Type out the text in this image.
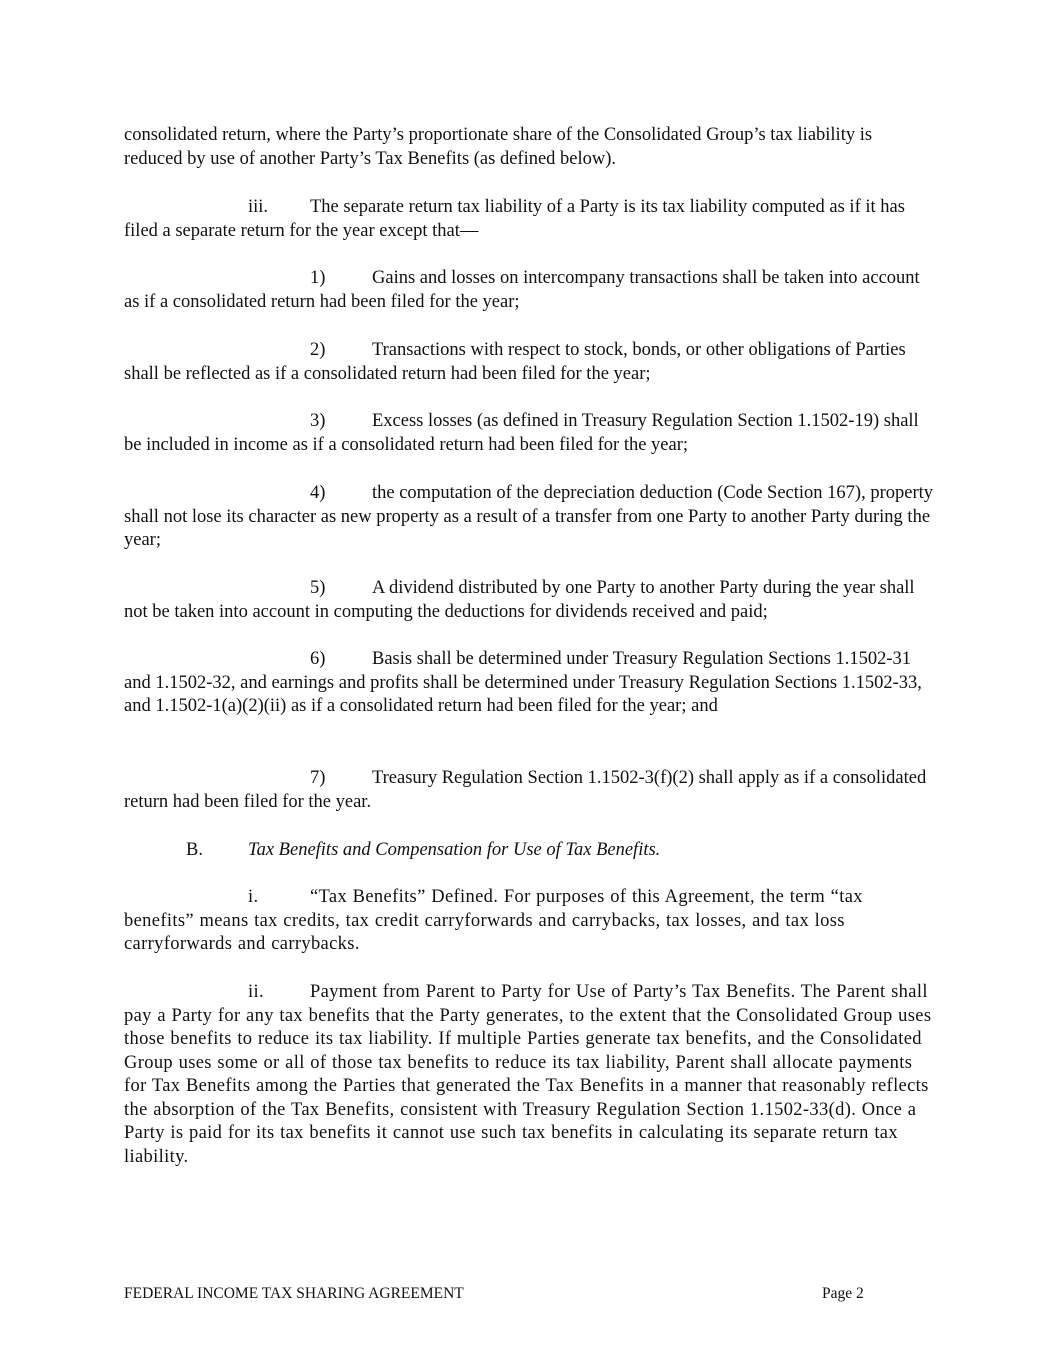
consolidated return, where the Party’s proportionate share of the Consolidated Group’s tax liability is reduced by use of another Party’s Tax Benefits (as defined below).

iii. The separate return tax liability of a Party is its tax liability computed as if it has filed a separate return for the year except that—

1)	Gains and losses on intercompany transactions shall be taken into account as if a consolidated return had been filed for the year;

2)	Transactions with respect to stock, bonds, or other obligations of Parties shall be reflected as if a consolidated return had been filed for the year;

3)	Excess losses (as defined in Treasury Regulation Section 1.1502-19) shall be included in income as if a consolidated return had been filed for the year;

4)	the computation of the depreciation deduction (Code Section 167), property shall not lose its character as new property as a result of a transfer from one Party to another Party during the year;

5)	A dividend distributed by one Party to another Party during the year shall not be taken into account in computing the deductions for dividends received and paid;

6)	Basis shall be determined under Treasury Regulation Sections 1.1502-31 and 1.1502-32, and earnings and profits shall be determined under Treasury Regulation Sections 1.1502-33, and 1.1502-1(a)(2)(ii) as if a consolidated return had been filed for the year; and

7)	Treasury Regulation Section 1.1502-3(f)(2) shall apply as if a consolidated return had been filed for the year.

B. Tax Benefits and Compensation for Use of Tax Benefits.

i.	“Tax Benefits” Defined. For purposes of this Agreement, the term “tax benefits” means tax credits, tax credit carryforwards and carrybacks, tax losses, and tax loss carryforwards and carrybacks.

ii. Payment from Parent to Party for Use of Party’s Tax Benefits. The Parent shall pay a Party for any tax benefits that the Party generates, to the extent that the Consolidated Group uses those benefits to reduce its tax liability. If multiple Parties generate tax benefits, and the Consolidated Group uses some or all of those tax benefits to reduce its tax liability, Parent shall allocate payments for Tax Benefits among the Parties that generated the Tax Benefits in a manner that reasonably reflects the absorption of the Tax Benefits, consistent with Treasury Regulation Section 1.1502-33(d). Once a Party is paid for its tax benefits it cannot use such tax benefits in calculating its separate return tax liability.

FEDERAL INCOME TAX SHARING AGREEMENT	Page 2
